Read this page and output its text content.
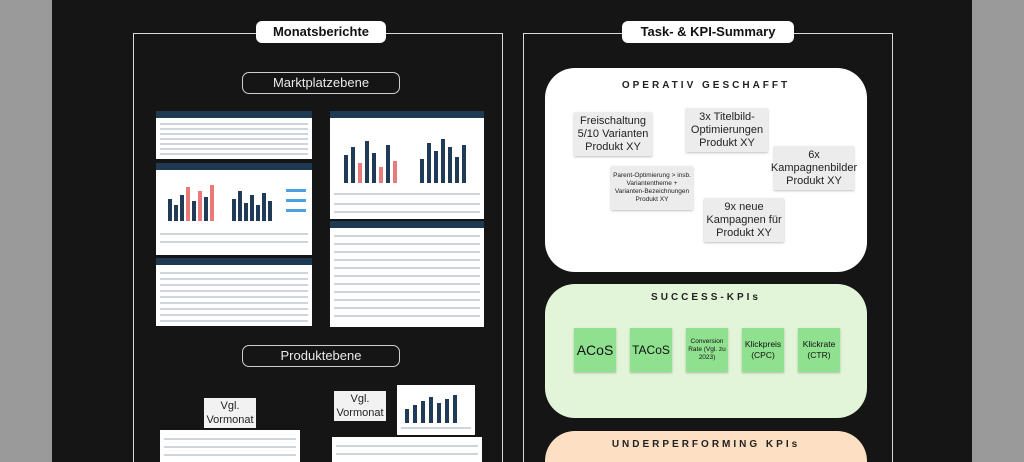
Monatsberichte
Marktplatzebene
Produktebene
Vgl.
Vormonat
Vgl.
Vormonat
Task- & KPI-Summary
OPERATIV GESCHAFFT
Freischaltung 5/10 Varianten Produkt XY
3x Titelbild-Optimierungen Produkt XY
6x Kampagnenbilder Produkt XY
Parent-Optimierung > insb. Variantentheme + Varianten-Bezeichnungen Produkt XY
9x neue Kampagnen für Produkt XY
SUCCESS-KPIs
ACoS TACoS
Conversion Rate (Vgl. zu 2023)
Klickpreis (CPC)
Klickrate (CTR)
UNDERPERFORMING KPIs
